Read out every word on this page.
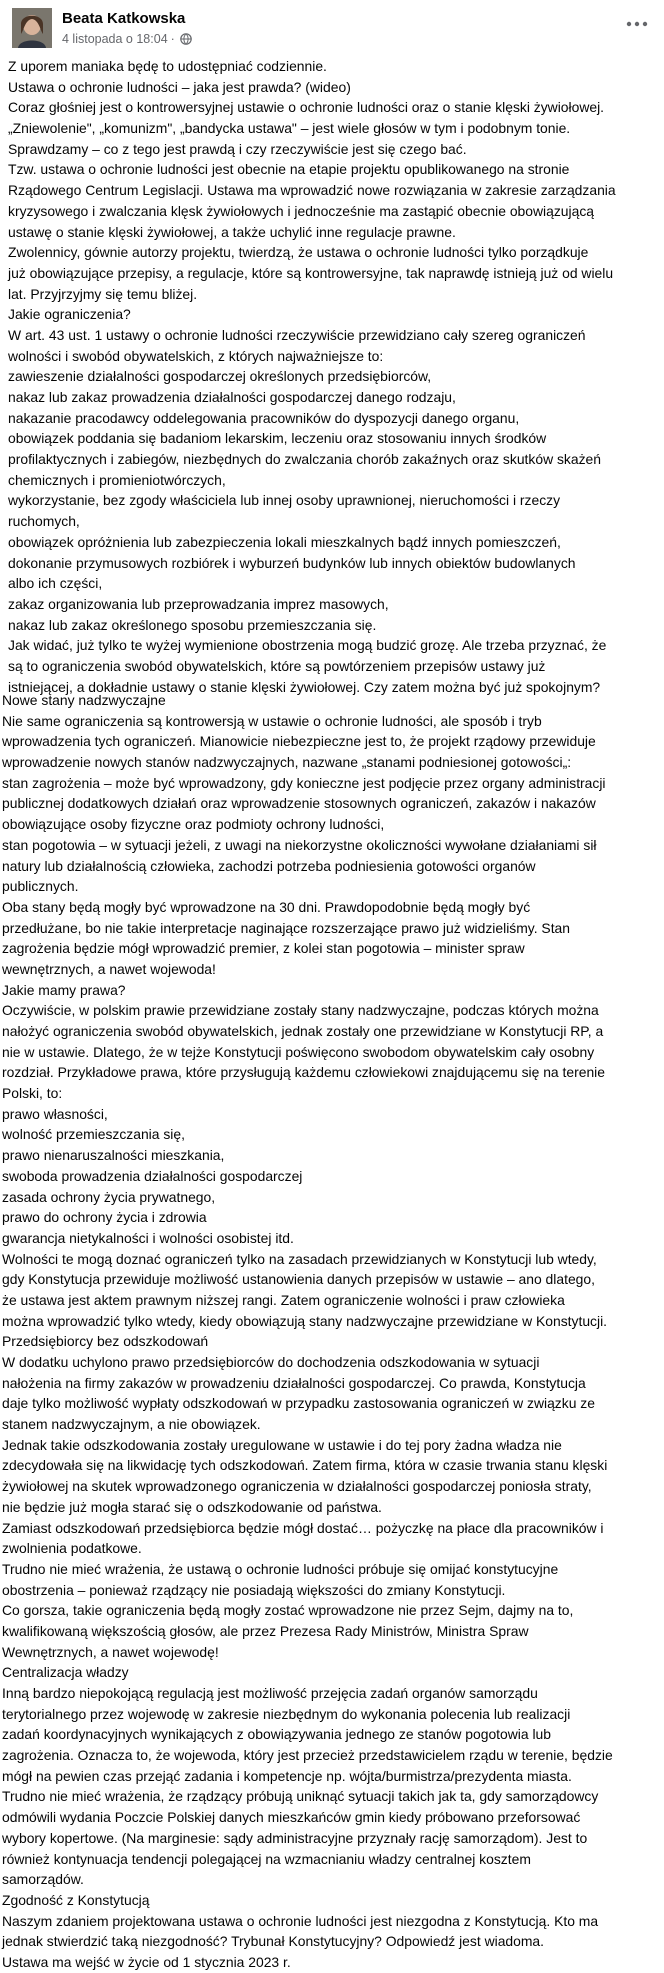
Beata Katkowska
4 listopada o 18:04 ·
Z uporem maniaka będę to udostępniać codziennie.
Ustawa o ochronie ludności – jaka jest prawda? (wideo)
Coraz głośniej jest o kontrowersyjnej ustawie o ochronie ludności oraz o stanie klęski żywiołowej.
„Zniewolenie", „komunizm", „bandycka ustawa" – jest wiele głosów w tym i podobnym tonie.
Sprawdzamy – co z tego jest prawdą i czy rzeczywiście jest się czego bać.
Tzw. ustawa o ochronie ludności jest obecnie na etapie projektu opublikowanego na stronie
Rządowego Centrum Legislacji. Ustawa ma wprowadzić nowe rozwiązania w zakresie zarządzania
kryzysowego i zwalczania klęsk żywiołowych i jednocześnie ma zastąpić obecnie obowiązującą
ustawę o stanie klęski żywiołowej, a także uchylić inne regulacje prawne.
Zwolennicy, gównie autorzy projektu, twierdzą, że ustawa o ochronie ludności tylko porządkuje
już obowiązujące przepisy, a regulacje, które są kontrowersyjne, tak naprawdę istnieją już od wielu
lat. Przyjrzyjmy się temu bliżej.
Jakie ograniczenia?
W art. 43 ust. 1 ustawy o ochronie ludności rzeczywiście przewidziano cały szereg ograniczeń
wolności i swobód obywatelskich, z których najważniejsze to:
zawieszenie działalności gospodarczej określonych przedsiębiorców,
nakaz lub zakaz prowadzenia działalności gospodarczej danego rodzaju,
nakazanie pracodawcy oddelegowania pracowników do dyspozycji danego organu,
obowiązek poddania się badaniom lekarskim, leczeniu oraz stosowaniu innych środków
profilaktycznych i zabiegów, niezbędnych do zwalczania chorób zakaźnych oraz skutków skażeń
chemicznych i promieniotwórczych,
wykorzystanie, bez zgody właściciela lub innej osoby uprawnionej, nieruchomości i rzeczy
ruchomych,
obowiązek opróżnienia lub zabezpieczenia lokali mieszkalnych bądź innych pomieszczeń,
dokonanie przymusowych rozbiórek i wyburzeń budynków lub innych obiektów budowlanych
albo ich części,
zakaz organizowania lub przeprowadzania imprez masowych,
nakaz lub zakaz określonego sposobu przemieszczania się.
Jak widać, już tylko te wyżej wymienione obostrzenia mogą budzić grozę. Ale trzeba przyznać, że
są to ograniczenia swobód obywatelskich, które są powtórzeniem przepisów ustawy już
istniejącej, a dokładnie ustawy o stanie klęski żywiołowej. Czy zatem można być już spokojnym?
Nowe stany nadzwyczajne
Nie same ograniczenia są kontrowersją w ustawie o ochronie ludności, ale sposób i tryb
wprowadzenia tych ograniczeń. Mianowicie niebezpieczne jest to, że projekt rządowy przewiduje
wprowadzenie nowych stanów nadzwyczajnych, nazwane „stanami podniesionej gotowości„:
stan zagrożenia – może być wprowadzony, gdy konieczne jest podjęcie przez organy administracji
publicznej dodatkowych działań oraz wprowadzenie stosownych ograniczeń, zakazów i nakazów
obowiązujące osoby fizyczne oraz podmioty ochrony ludności,
stan pogotowia – w sytuacji jeżeli, z uwagi na niekorzystne okoliczności wywołane działaniami sił
natury lub działalnością człowieka, zachodzi potrzeba podniesienia gotowości organów
publicznych.
Oba stany będą mogły być wprowadzone na 30 dni. Prawdopodobnie będą mogły być
przedłużane, bo nie takie interpretacje naginające rozszerzające prawo już widzieliśmy. Stan
zagrożenia będzie mógł wprowadzić premier, z kolei stan pogotowia – minister spraw
wewnętrznych, a nawet wojewoda!
Jakie mamy prawa?
Oczywiście, w polskim prawie przewidziane zostały stany nadzwyczajne, podczas których można
nałożyć ograniczenia swobód obywatelskich, jednak zostały one przewidziane w Konstytucji RP, a
nie w ustawie. Dlatego, że w tejże Konstytucji poświęcono swobodom obywatelskim cały osobny
rozdział. Przykładowe prawa, które przysługują każdemu człowiekowi znajdującemu się na terenie
Polski, to:
prawo własności,
wolność przemieszczania się,
prawo nienaruszalności mieszkania,
swoboda prowadzenia działalności gospodarczej
zasada ochrony życia prywatnego,
prawo do ochrony życia i zdrowia
gwarancja nietykalności i wolności osobistej itd.
Wolności te mogą doznać ograniczeń tylko na zasadach przewidzianych w Konstytucji lub wtedy,
gdy Konstytucja przewiduje możliwość ustanowienia danych przepisów w ustawie – ano dlatego,
że ustawa jest aktem prawnym niższej rangi. Zatem ograniczenie wolności i praw człowieka
można wprowadzić tylko wtedy, kiedy obowiązują stany nadzwyczajne przewidziane w Konstytucji.
Przedsiębiorcy bez odszkodowań
W dodatku uchylono prawo przedsiębiorców do dochodzenia odszkodowania w sytuacji
nałożenia na firmy zakazów w prowadzeniu działalności gospodarczej. Co prawda, Konstytucja
daje tylko możliwość wypłaty odszkodowań w przypadku zastosowania ograniczeń w związku ze
stanem nadzwyczajnym, a nie obowiązek.
Jednak takie odszkodowania zostały uregulowane w ustawie i do tej pory żadna władza nie
zdecydowała się na likwidację tych odszkodowań. Zatem firma, która w czasie trwania stanu klęski
żywiołowej na skutek wprowadzonego ograniczenia w działalności gospodarczej poniosła straty,
nie będzie już mogła starać się o odszkodowanie od państwa.
Zamiast odszkodowań przedsiębiorca będzie mógł dostać… pożyczkę na płace dla pracowników i
zwolnienia podatkowe.
Trudno nie mieć wrażenia, że ustawą o ochronie ludności próbuje się omijać konstytucyjne
obostrzenia – ponieważ rządzący nie posiadają większości do zmiany Konstytucji.
Co gorsza, takie ograniczenia będą mogły zostać wprowadzone nie przez Sejm, dajmy na to,
kwalifikowaną większością głosów, ale przez Prezesa Rady Ministrów, Ministra Spraw
Wewnętrznych, a nawet wojewodę!
Centralizacja władzy
Inną bardzo niepokojącą regulacją jest możliwość przejęcia zadań organów samorządu
terytorialnego przez wojewodę w zakresie niezbędnym do wykonania polecenia lub realizacji
zadań koordynacyjnych wynikających z obowiązywania jednego ze stanów pogotowia lub
zagrożenia. Oznacza to, że wojewoda, który jest przecież przedstawicielem rządu w terenie, będzie
mógł na pewien czas przejąć zadania i kompetencje np. wójta/burmistrza/prezydenta miasta.
Trudno nie mieć wrażenia, że rządzący próbują uniknąć sytuacji takich jak ta, gdy samorządowcy
odmówili wydania Poczcie Polskiej danych mieszkańców gmin kiedy próbowano przeforsować
wybory kopertowe. (Na marginesie: sądy administracyjne przyznały rację samorządom). Jest to
również kontynuacja tendencji polegającej na wzmacnianiu władzy centralnej kosztem
samorządów.
Zgodność z Konstytucją
Naszym zdaniem projektowana ustawa o ochronie ludności jest niezgodna z Konstytucją. Kto ma
jednak stwierdzić taką niezgodność? Trybunał Konstytucyjny? Odpowiedź jest wiadoma.
Ustawa ma wejść w życie od 1 stycznia 2023 r.
